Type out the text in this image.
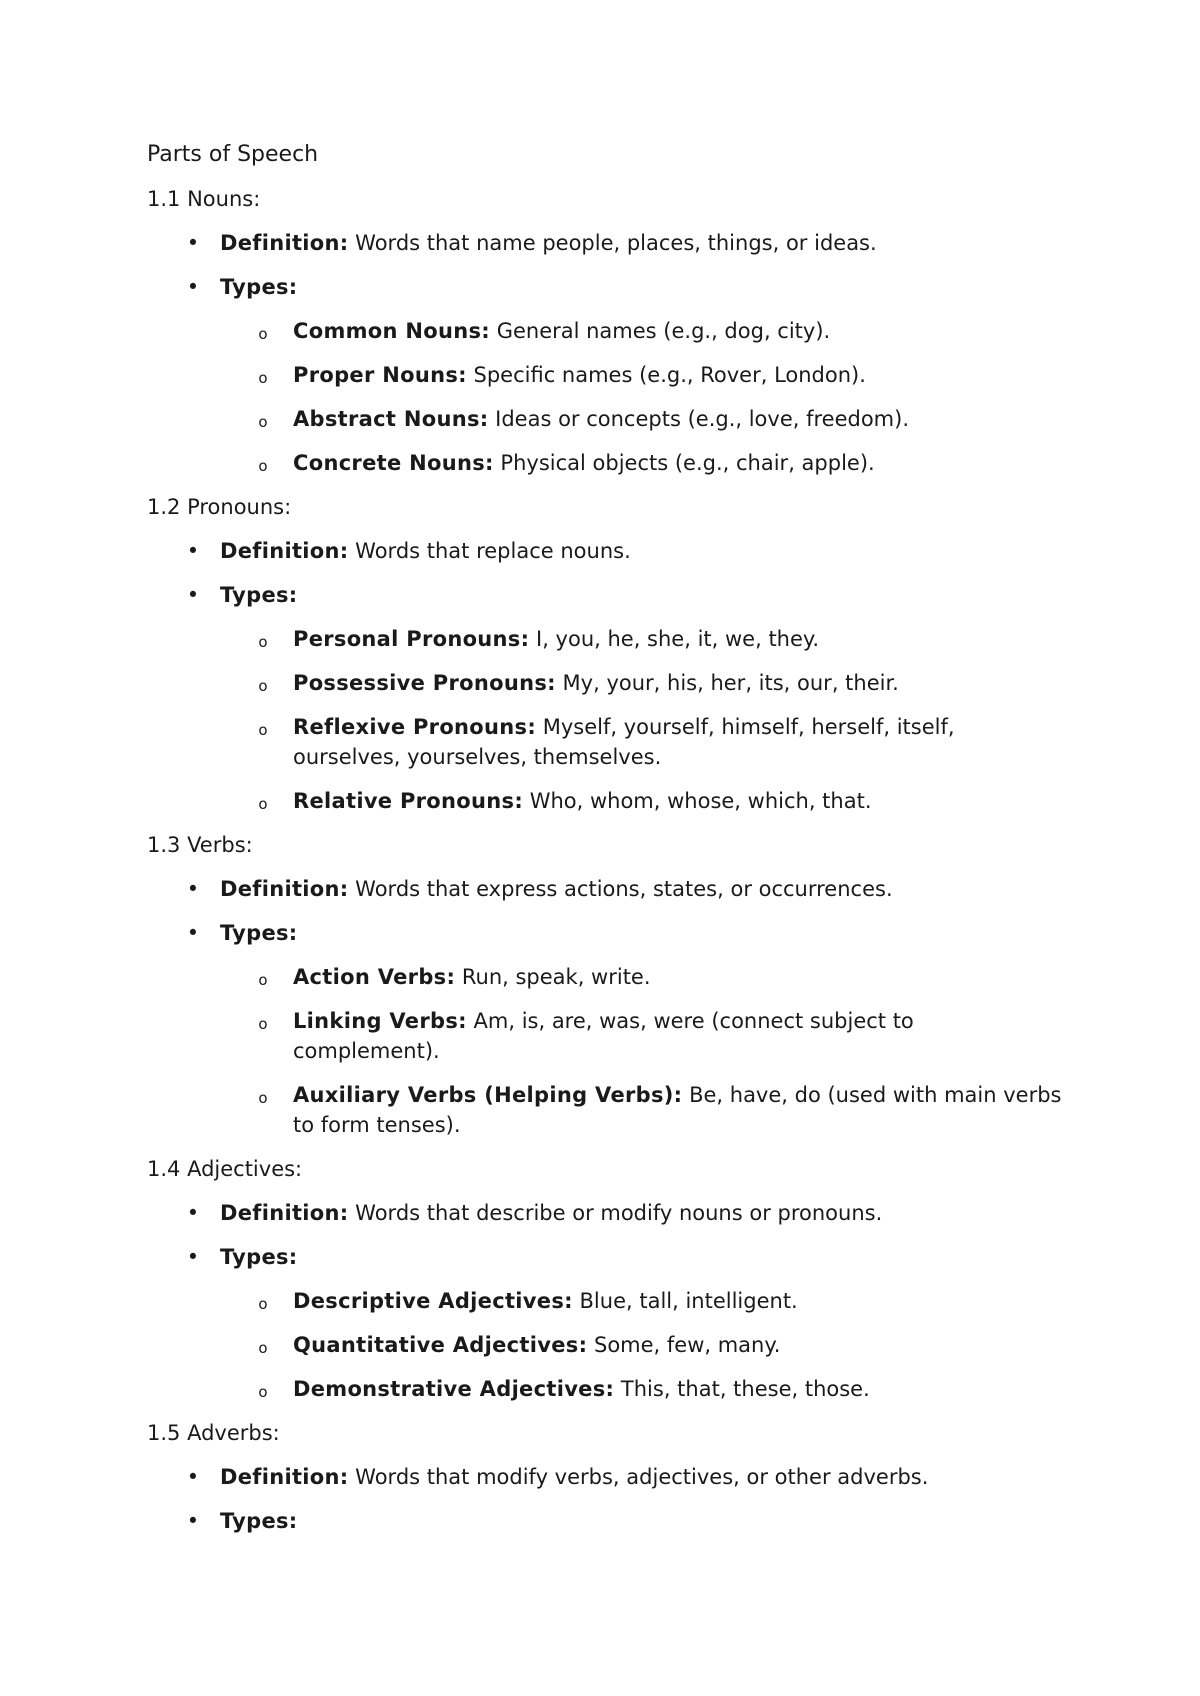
Parts of Speech
1.1 Nouns:
• Definition: Words that name people, places, things, or ideas.
• Types:
o Common Nouns: General names (e.g., dog, city).
o Proper Nouns: Specific names (e.g., Rover, London).
o Abstract Nouns: Ideas or concepts (e.g., love, freedom).
o Concrete Nouns: Physical objects (e.g., chair, apple).
1.2 Pronouns:
• Definition: Words that replace nouns.
• Types:
o Personal Pronouns: I, you, he, she, it, we, they.
o Possessive Pronouns: My, your, his, her, its, our, their.
o Reflexive Pronouns: Myself, yourself, himself, herself, itself, ourselves, yourselves, themselves.
o Relative Pronouns: Who, whom, whose, which, that.
1.3 Verbs:
• Definition: Words that express actions, states, or occurrences.
• Types:
o Action Verbs: Run, speak, write.
o Linking Verbs: Am, is, are, was, were (connect subject to complement).
o Auxiliary Verbs (Helping Verbs): Be, have, do (used with main verbs to form tenses).
1.4 Adjectives:
• Definition: Words that describe or modify nouns or pronouns.
• Types:
o Descriptive Adjectives: Blue, tall, intelligent.
o Quantitative Adjectives: Some, few, many.
o Demonstrative Adjectives: This, that, these, those.
1.5 Adverbs:
• Definition: Words that modify verbs, adjectives, or other adverbs.
• Types:
